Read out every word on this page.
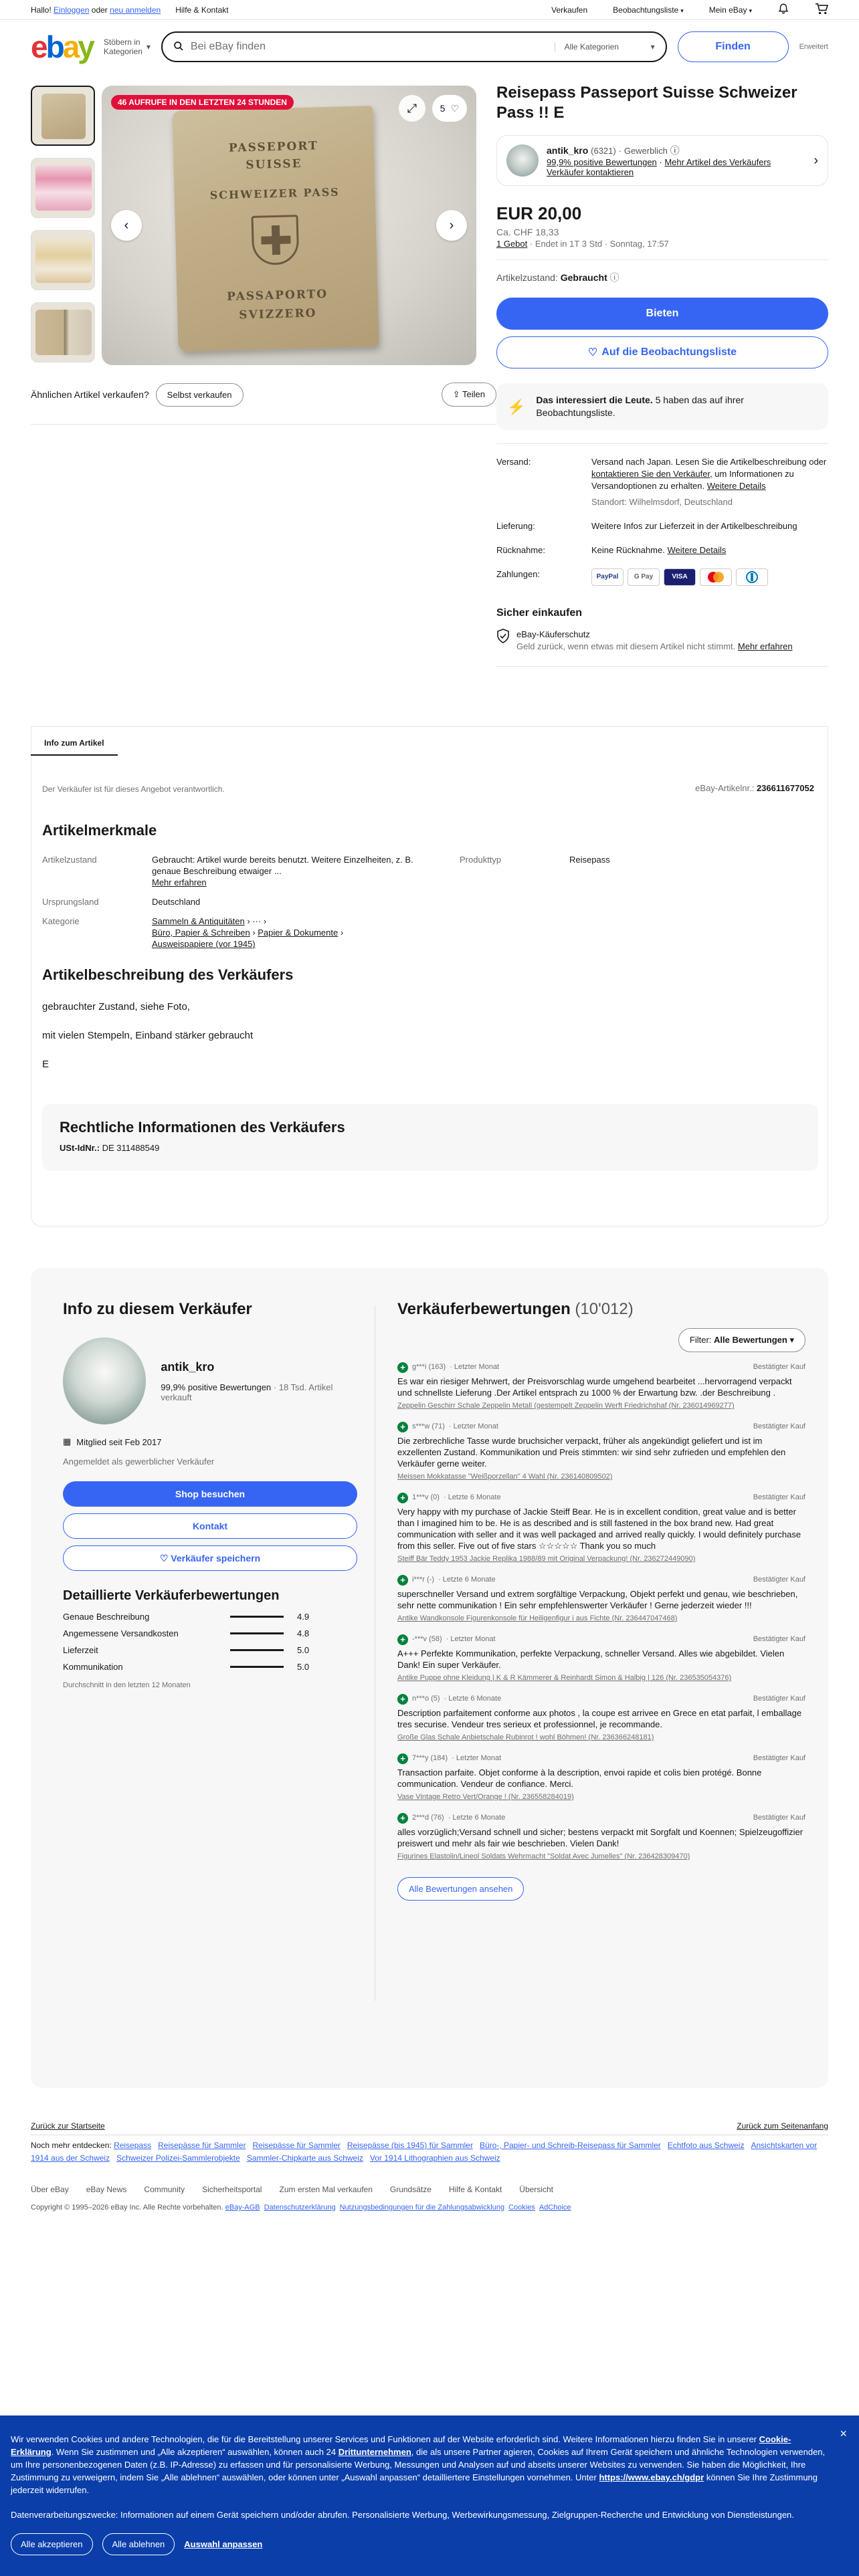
Hallo! Einloggen oder neu anmelden Hilfe & Kontakt	Verkaufen	Beobachtungsliste ▾	Mein eBay ▾
ebay Stöbern in Kategorien ▾	Bei eBay finden	Alle Kategorien	▾	Finden	Erweitert
PASSEPORT
SUISSE
SCHWEIZER PASS
PASSAPORTO
SVIZZERO
46 AUFRUFE IN DEN LETZTEN 24 STUNDEN	⤢	5 ♡
‹	›
Ähnlichen Artikel verkaufen?	Selbst verkaufen	⇪ Teilen
Reisepass Passeport Suisse Schweizer Pass !! E
antik_kro (6321) · Gewerblich ⓘ
99,9% positive Bewertungen · Mehr Artikel des Verkäufers
Verkäufer kontaktieren
›
EUR 20,00
Ca. CHF 18,33
1 Gebot · Endet in 1T 3 Std · Sonntag, 17:57
Artikelzustand: Gebraucht ⓘ
Bieten
♡ Auf die Beobachtungsliste
⚡ Das interessiert die Leute. 5 haben das auf ihrer Beobachtungsliste.
Versand:	Versand nach Japan. Lesen Sie die Artikelbeschreibung oder kontaktieren Sie den Verkäufer, um Informationen zu Versandoptionen zu erhalten. Weitere Details
Standort: Wilhelmsdorf, Deutschland
Lieferung:	Weitere Infos zur Lieferzeit in der Artikelbeschreibung
Rücknahme:	Keine Rücknahme. Weitere Details
Zahlungen:	PayPal	G Pay	VISA
Sicher einkaufen
eBay-Käuferschutz
Geld zurück, wenn etwas mit diesem Artikel nicht stimmt. Mehr erfahren
Der Verkäufer ist für dieses Angebot verantwortlich.	eBay-Artikelnr.: 236611677052
Artikelmerkmale
Artikelzustand	Gebraucht: Artikel wurde bereits benutzt. Weitere Einzelheiten, z. B. genaue Beschreibung etwaiger ...
Mehr erfahren
Produkttyp	Reisepass
Ursprungsland	Deutschland
Kategorie	Sammeln & Antiquitäten › ··· ›
Büro, Papier & Schreiben › Papier & Dokumente ›
Ausweispapiere (vor 1945)
Artikelbeschreibung des Verkäufers
gebrauchter Zustand, siehe Foto,
mit vielen Stempeln, Einband stärker gebraucht
E
Rechtliche Informationen des Verkäufers
USt-IdNr.: DE 311488549
Info zum Artikel
Info zu diesem Verkäufer
antik_kro
99,9% positive Bewertungen · 18 Tsd. Artikel verkauft
▦ Mitglied seit Feb 2017
Angemeldet als gewerblicher Verkäufer
Shop besuchen
Kontakt
♡ Verkäufer speichern
Detaillierte Verkäuferbewertungen
Genaue Beschreibung	4.9
Angemessene Versandkosten	4.8
Lieferzeit	5.0
Kommunikation	5.0
Durchschnitt in den letzten 12 Monaten
Verkäuferbewertungen (10'012)
Filter: Alle Bewertungen ▾
+ g***i (163) · Letzter Monat	Bestätigter Kauf
Es war ein riesiger Mehrwert, der Preisvorschlag wurde umgehend bearbeitet ...hervorragend verpackt und schnellste Lieferung .Der Artikel entsprach zu 1000 % der Erwartung bzw. .der Beschreibung .
Zeppelin Geschirr Schale Zeppelin Metall (gestempelt Zeppelin Werft Friedrichshaf (Nr. 236014969277)
+ s***w (71) · Letzter Monat	Bestätigter Kauf
Die zerbrechliche Tasse wurde bruchsicher verpackt, früher als angekündigt geliefert und ist im exzellenten Zustand. Kommunikation und Preis stimmten: wir sind sehr zufrieden und empfehlen den Verkäufer gerne weiter.
Meissen Mokkatasse "Weißporzellan" 4 Wahl (Nr. 236140809502)
+ 1***v (0) · Letzte 6 Monate	Bestätigter Kauf
Very happy with my purchase of Jackie Steiff Bear. He is in excellent condition, great value and is better than I imagined him to be. He is as described and is still fastened in the box brand new. Had great communication with seller and it was well packaged and arrived really quickly. I would definitely purchase from this seller. Five out of five stars ☆☆☆☆☆ Thank you so much
Steiff Bär Teddy 1953 Jackie Replika 1988/89 mit Original Verpackung! (Nr. 236272449090)
+ i***r (-) · Letzte 6 Monate	Bestätigter Kauf
superschneller Versand und extrem sorgfältige Verpackung, Objekt perfekt und genau, wie beschrieben, sehr nette communikation ! Ein sehr empfehlenswerter Verkäufer ! Gerne jederzeit wieder !!!
Antike Wandkonsole Figurenkonsole für Heiligenfigur i aus Fichte (Nr. 236447047468)
+ -***v (58) · Letzter Monat	Bestätigter Kauf
A+++ Perfekte Kommunikation, perfekte Verpackung, schneller Versand. Alles wie abgebildet. Vielen Dank! Ein super Verkäufer.
Antike Puppe ohne Kleidung | K & R Kämmerer & Reinhardt Simon & Halbig | 126 (Nr. 236535054376)
+ n***o (5) · Letzte 6 Monate	Bestätigter Kauf
Description parfaitement conforme aux photos , la coupe est arrivee en Grece en etat parfait, l emballage tres securise. Vendeur tres serieux et professionnel, je recommande.
Große Glas Schale Anbietschale Rubinrot ! wohl Böhmen! (Nr. 236366248181)
+ 7***y (184) · Letzter Monat	Bestätigter Kauf
Transaction parfaite. Objet conforme à la description, envoi rapide et colis bien protégé. Bonne communication. Vendeur de confiance. Merci.
Vase Vintage Retro Vert/Orange ! (Nr. 236558284019)
+ 2***d (76) · Letzte 6 Monate	Bestätigter Kauf
alles vorzüglich;Versand schnell und sicher; bestens verpackt mit Sorgfalt und Koennen; Spielzeugoffizier preiswert und mehr als fair wie beschrieben. Vielen Dank!
Figurines Elastolin/Lineol Soldats Wehrmacht "Soldat Avec Jumelles" (Nr. 236428309470)
Alle Bewertungen ansehen
Zurück zur Startseite	Zurück zum Seitenanfang
Noch mehr entdecken: Reisepass Reisepässe für Sammler Reisepässe für Sammler Reisepässe (bis 1945) für Sammler Büro-, Papier- und Schreib-Reisepass für Sammler Echtfoto aus Schweiz Ansichtskarten vor 1914 aus der Schweiz Schweizer Polizei-Sammlerobjekte Sammler-Chipkarte aus Schweiz Vor 1914 Lithographien aus Schweiz
Über eBay eBay News Community Sicherheitsportal Zum ersten Mal verkaufen Grundsätze Hilfe & Kontakt Übersicht
Copyright © 1995–2026 eBay Inc. Alle Rechte vorbehalten. eBay-AGB Datenschutzerklärung Nutzungsbedingungen für die Zahlungsabwicklung Cookies AdChoice
×
Wir verwenden Cookies und andere Technologien, die für die Bereitstellung unserer Services und Funktionen auf der Website erforderlich sind. Weitere Informationen hierzu finden Sie in unserer Cookie-Erklärung. Wenn Sie zustimmen und „Alle akzeptieren“ auswählen, können auch 24 Drittunternehmen, die als unsere Partner agieren, Cookies auf Ihrem Gerät speichern und ähnliche Technologien verwenden, um Ihre personenbezogenen Daten (z.B. IP-Adresse) zu erfassen und für personalisierte Werbung, Messungen und Analysen auf und abseits unserer Websites zu verwenden. Sie haben die Möglichkeit, Ihre Zustimmung zu verweigern, indem Sie „Alle ablehnen“ auswählen, oder können unter „Auswahl anpassen“ detailliertere Einstellungen vornehmen. Unter https://www.ebay.ch/gdpr können Sie Ihre Zustimmung jederzeit widerrufen.
Datenverarbeitungszwecke: Informationen auf einem Gerät speichern und/oder abrufen. Personalisierte Werbung, Werbewirkungsmessung, Zielgruppen-Recherche und Entwicklung von Dienstleistungen.
Alle akzeptieren	Alle ablehnen	Auswahl anpassen
